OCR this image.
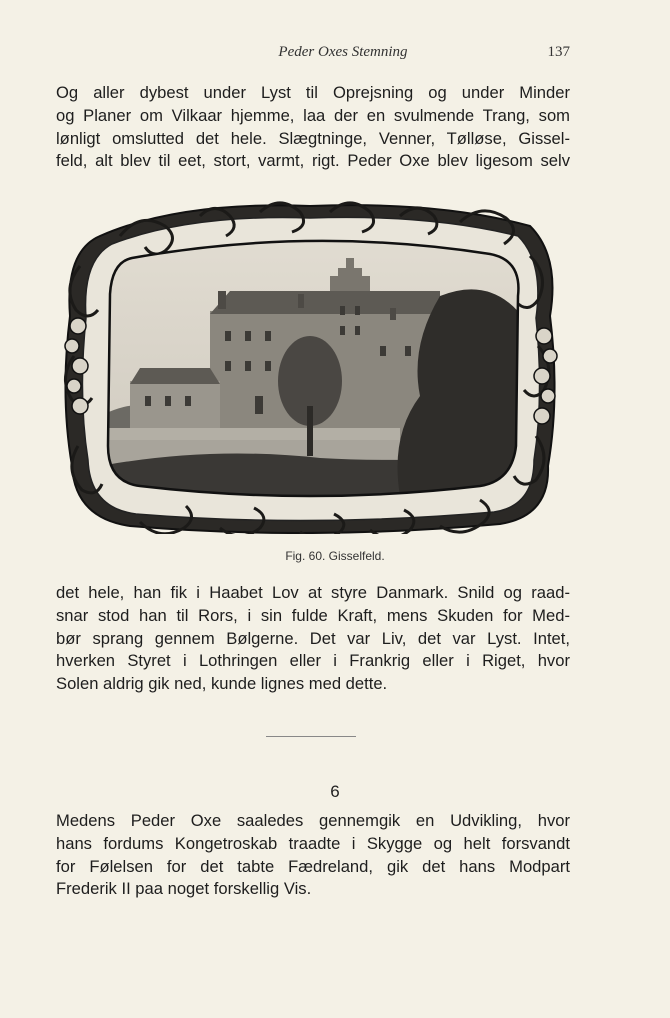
Peder Oxes Stemning	137

Og aller dybest under Lyst til Oprejsning og under Minder
og Planer om Vilkaar hjemme, laa der en svulmende Trang, som
lønligt omslutted det hele. Slægtninge, Venner, Tølløse, Gissel-
feld, alt blev til eet, stort, varmt, rigt. Peder Oxe blev ligesom selv

Fig. 60. Gisselfeld.

det hele, han fik i Haabet Lov at styre Danmark. Snild og raad-
snar stod han til Rors, i sin fulde Kraft, mens Skuden for Med-
bør sprang gennem Bølgerne. Det var Liv, det var Lyst. Intet,
hverken Styret i Lothringen eller i Frankrig eller i Riget, hvor
Solen aldrig gik ned, kunde lignes med dette.

6

Medens Peder Oxe saaledes gennemgik en Udvikling, hvor
hans fordums Kongetroskab traadte i Skygge og helt forsvandt
for Følelsen for det tabte Fædreland, gik det hans Modpart
Frederik II paa noget forskellig Vis.
